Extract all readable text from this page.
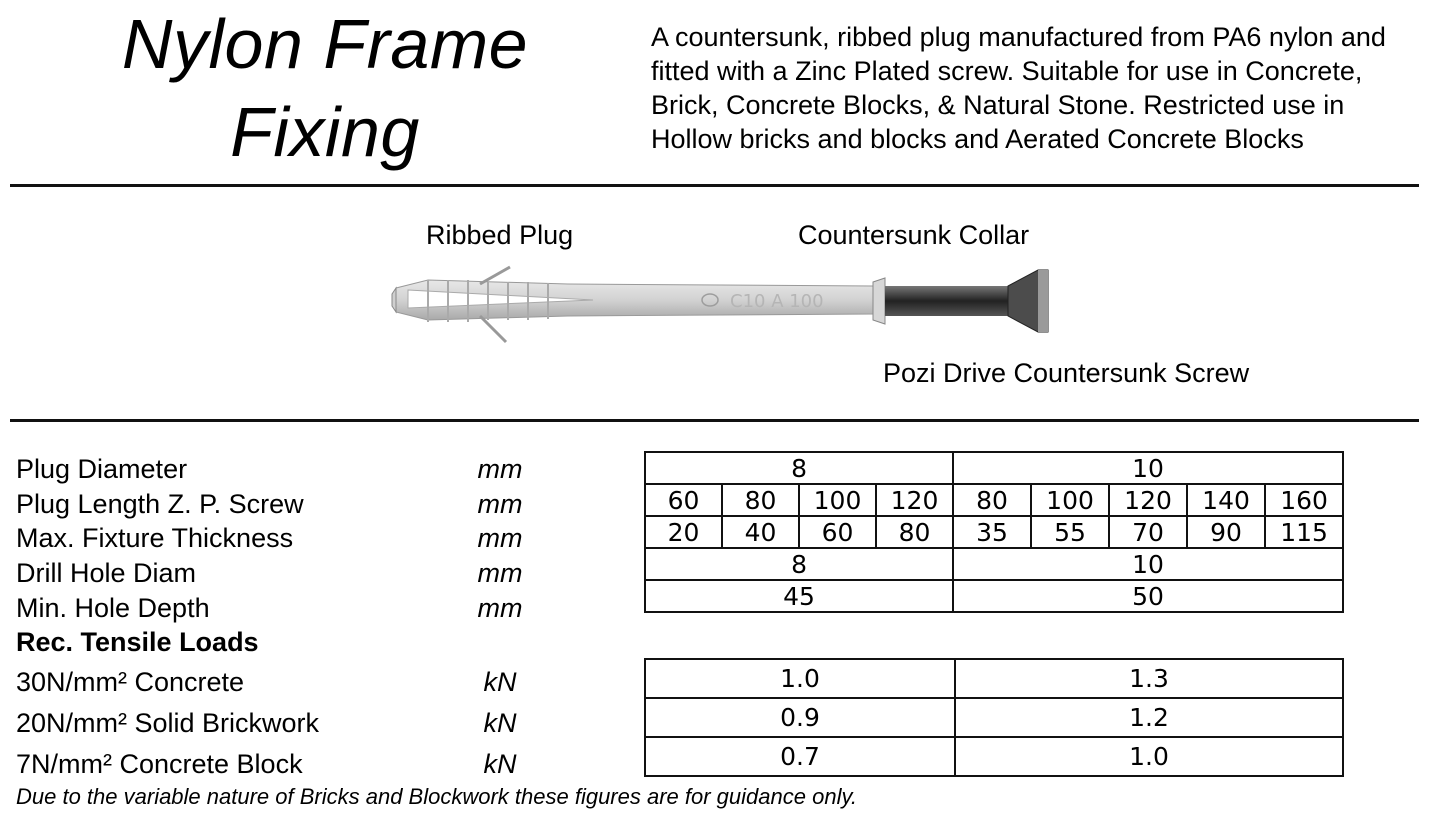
Nylon Frame
Fixing
A countersunk, ribbed plug manufactured from PA6 nylon and fitted with a Zinc Plated screw. Suitable for use in Concrete, Brick, Concrete Blocks, & Natural Stone. Restricted use in Hollow bricks and blocks and Aerated Concrete Blocks
Ribbed Plug	Countersunk Collar
C10 A 100
Pozi Drive Countersunk Screw
Plug Diameter	mm
Plug Length Z. P. Screw	mm
Max. Fixture Thickness	mm
Drill Hole Diam	mm
Min. Hole Depth	mm
Rec. Tensile Loads
30N/mm² Concrete	kN
20N/mm² Solid Brickwork	kN
7N/mm² Concrete Block	kN
8				10				
60	80	100	120	80	100	120	140	160
20	40	60	80	35	55	70	90	115
8				10				
45				50				
1.0	1.3
0.9	1.2
0.7	1.0
Due to the variable nature of Bricks and Blockwork these figures are for guidance only.
